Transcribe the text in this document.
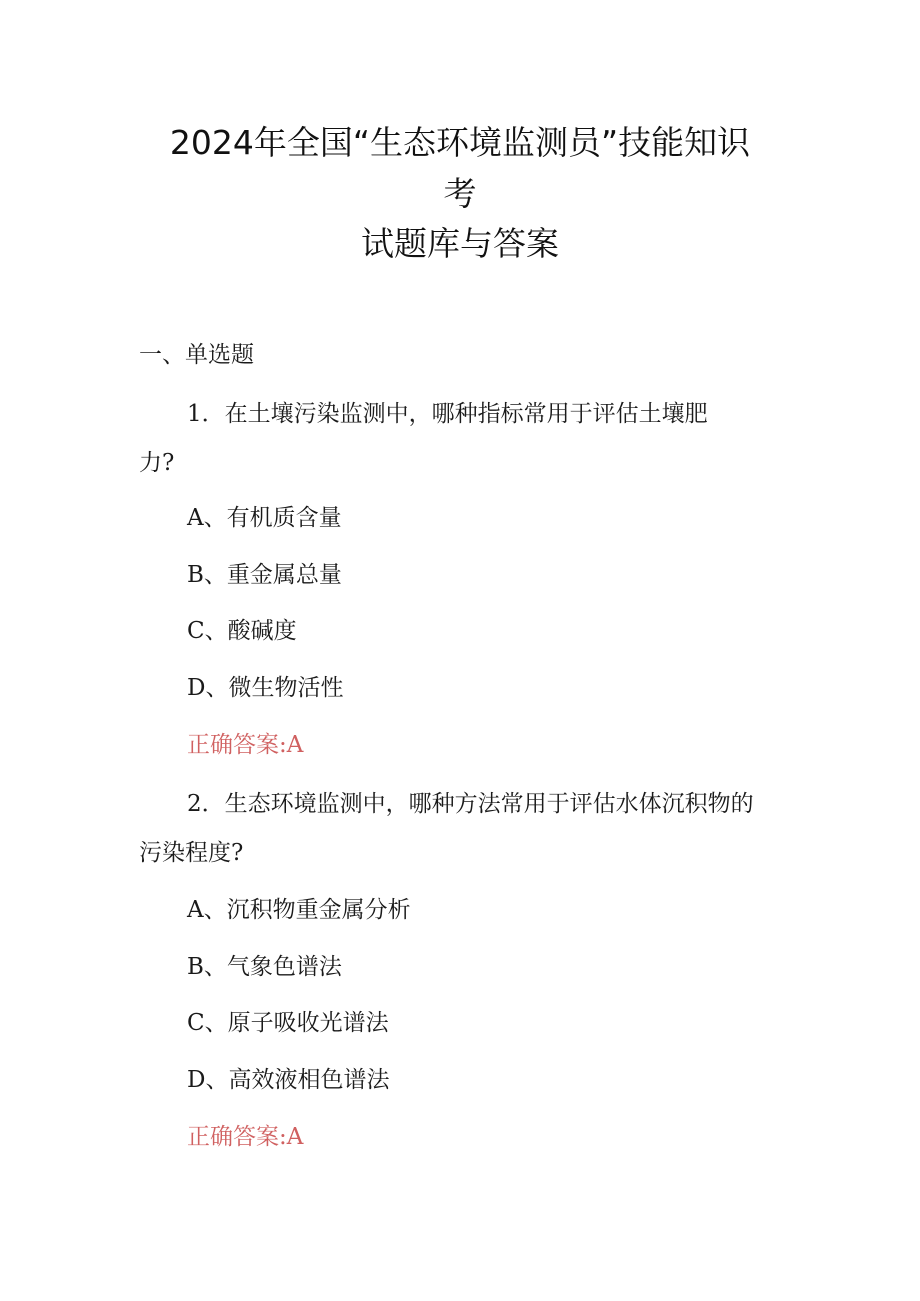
2024年全国“生态环境监测员”技能知识
考
试题库与答案
一、单选题
1．在土壤污染监测中，哪种指标常用于评估土壤肥
力?
A、有机质含量
B、重金属总量
C、酸碱度
D、微生物活性
正确答案:A
2．生态环境监测中，哪种方法常用于评估水体沉积物的
污染程度?
A、沉积物重金属分析
B、气象色谱法
C、原子吸收光谱法
D、高效液相色谱法
正确答案:A
